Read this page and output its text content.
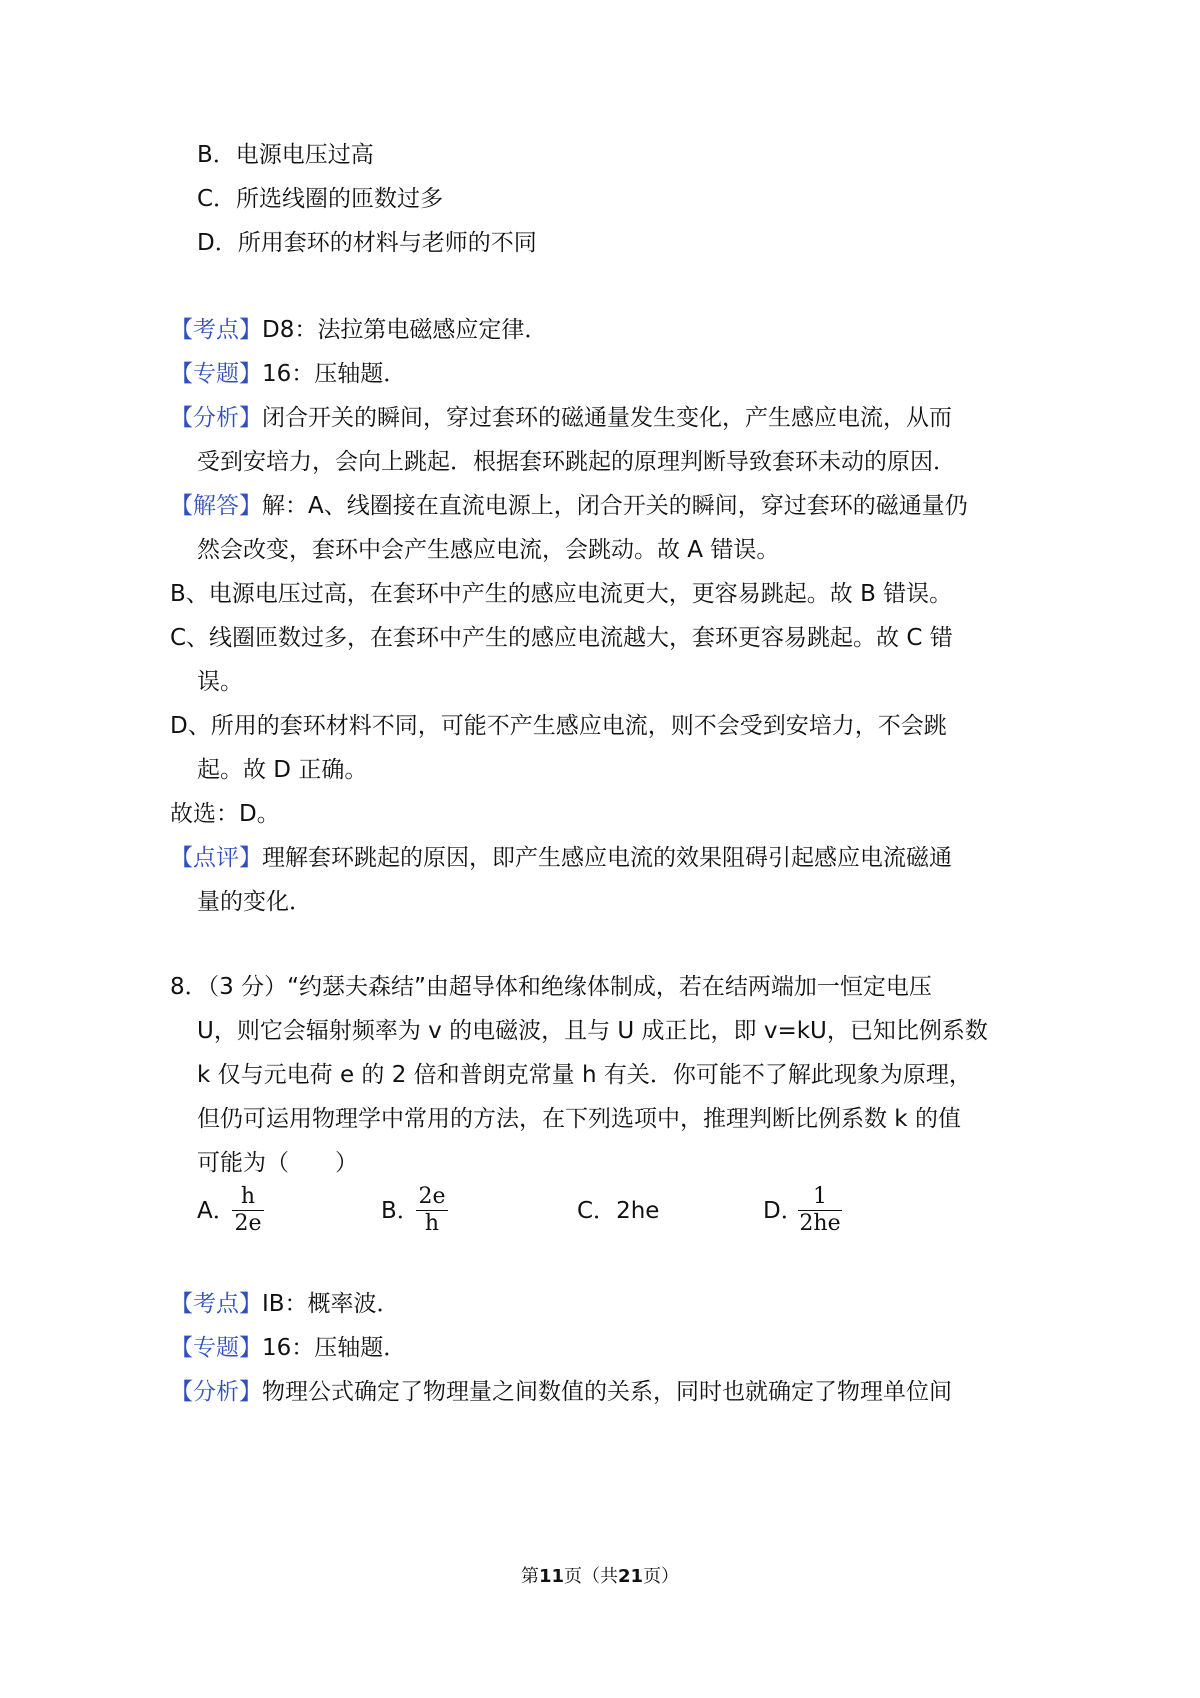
B．电源电压过高
C．所选线圈的匝数过多
D．所用套环的材料与老师的不同
【考点】D8：法拉第电磁感应定律．
【专题】16：压轴题．
【分析】闭合开关的瞬间，穿过套环的磁通量发生变化，产生感应电流，从而
受到安培力，会向上跳起．根据套环跳起的原理判断导致套环未动的原因．
【解答】解：A、线圈接在直流电源上，闭合开关的瞬间，穿过套环的磁通量仍
然会改变，套环中会产生感应电流，会跳动。故 A 错误。
B、电源电压过高，在套环中产生的感应电流更大，更容易跳起。故 B 错误。
C、线圈匝数过多，在套环中产生的感应电流越大，套环更容易跳起。故 C 错
误。
D、所用的套环材料不同，可能不产生感应电流，则不会受到安培力，不会跳
起。故 D 正确。
故选：D。
【点评】理解套环跳起的原因，即产生感应电流的效果阻碍引起感应电流磁通
量的变化．
8．（3 分）“约瑟夫森结”由超导体和绝缘体制成，若在结两端加一恒定电压
U，则它会辐射频率为 v 的电磁波，且与 U 成正比，即 v=kU，已知比例系数
k 仅与元电荷 e 的 2 倍和普朗克常量 h 有关．你可能不了解此现象为原理，
但仍可运用物理学中常用的方法，在下列选项中，推理判断比例系数 k 的值
可能为（　　）
A．
h
2e	B．
2e
h	C．2he	D．
1
2he
【考点】IB：概率波．
【专题】16：压轴题．
【分析】物理公式确定了物理量之间数值的关系，同时也就确定了物理单位间
第11页（共21页）
